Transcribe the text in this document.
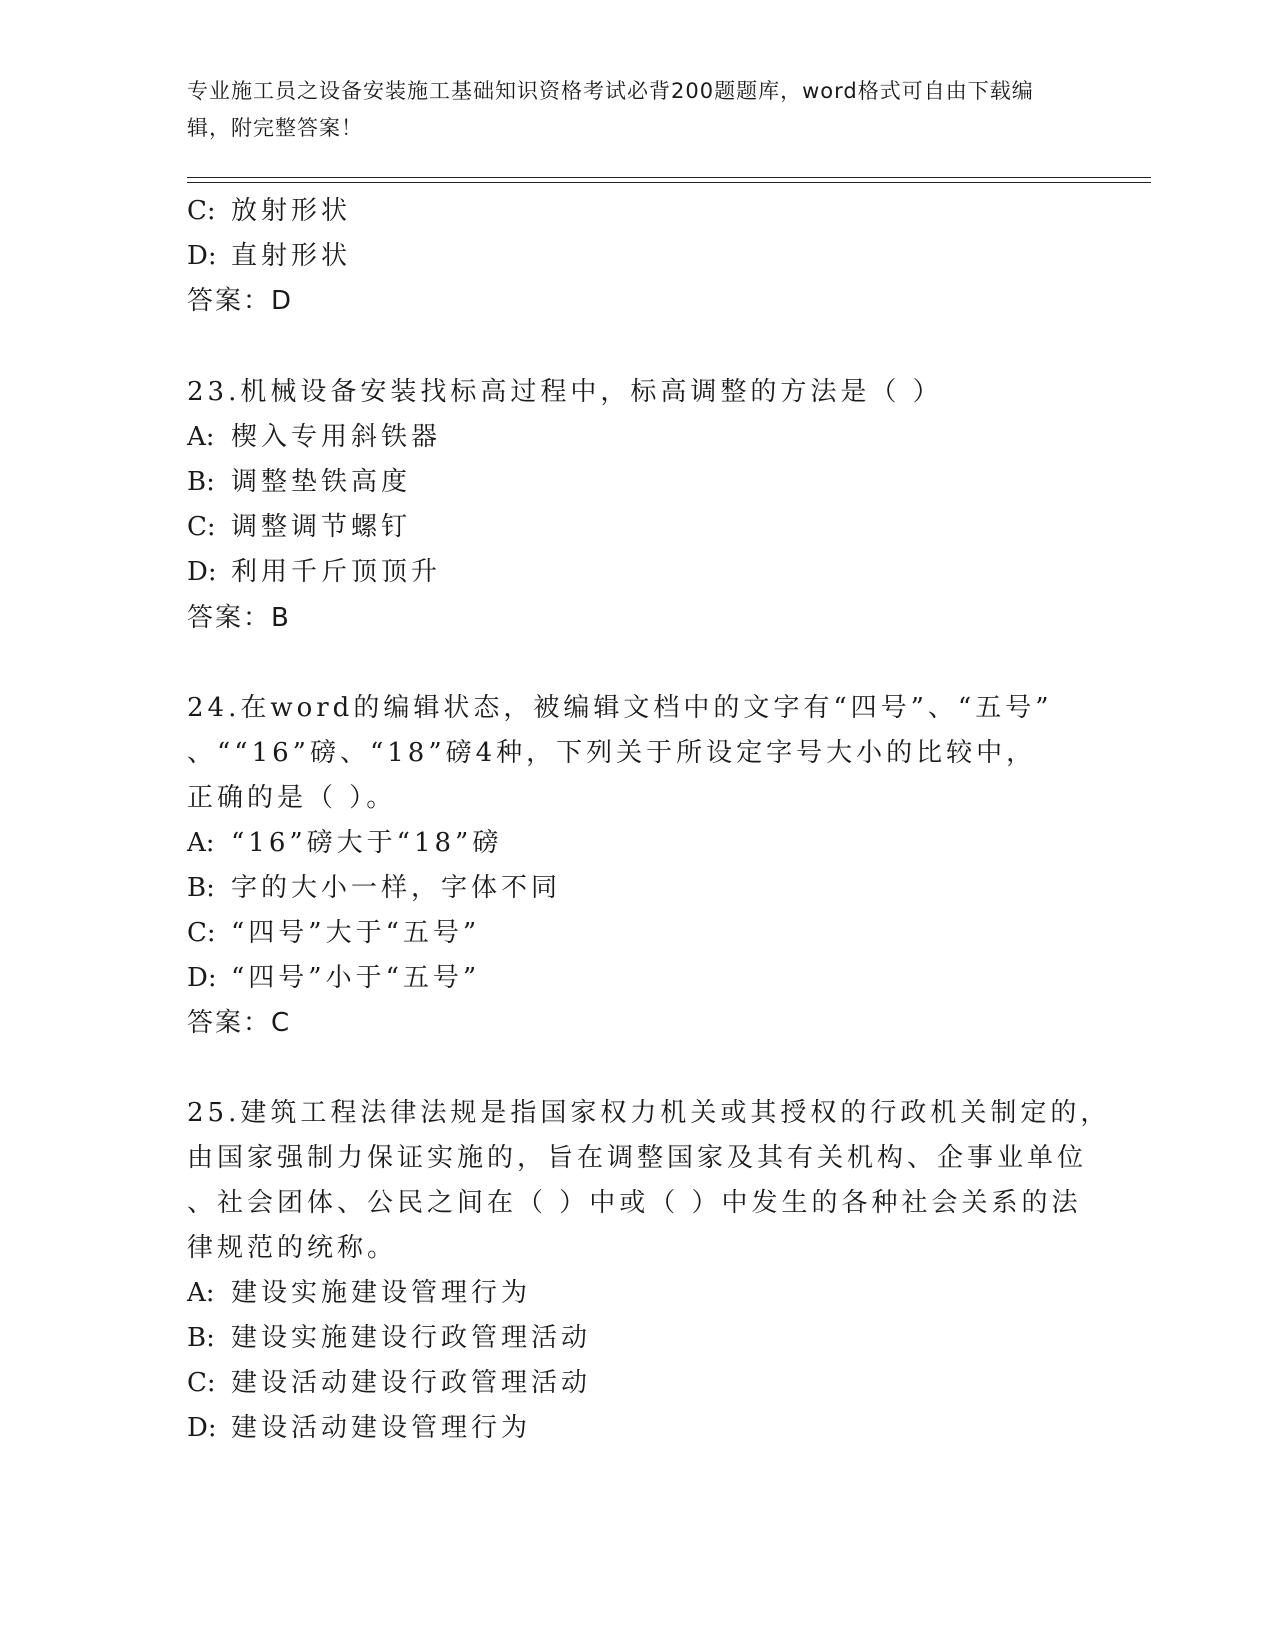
专业施工员之设备安装施工基础知识资格考试必背200题题库，word格式可自由下载编辑，附完整答案！

C: 放射形状

D: 直射形状

答案：D

23.机械设备安装找标高过程中，标高调整的方法是（ ）

A: 楔入专用斜铁器

B: 调整垫铁高度

C: 调整调节螺钉

D: 利用千斤顶顶升

答案：B

24.在word的编辑状态，被编辑文档中的文字有“四号”、“五号”

、““16”磅、“18”磅4种，下列关于所设定字号大小的比较中，

正确的是（ ）。

A: “16”磅大于“18”磅

B: 字的大小一样，字体不同

C: “四号”大于“五号”

D: “四号”小于“五号”

答案：C

25.建筑工程法律法规是指国家权力机关或其授权的行政机关制定的，

由国家强制力保证实施的，旨在调整国家及其有关机构、企事业单位

、社会团体、公民之间在（ ）中或（ ）中发生的各种社会关系的法

律规范的统称。

A: 建设实施建设管理行为

B: 建设实施建设行政管理活动

C: 建设活动建设行政管理活动

D: 建设活动建设管理行为
